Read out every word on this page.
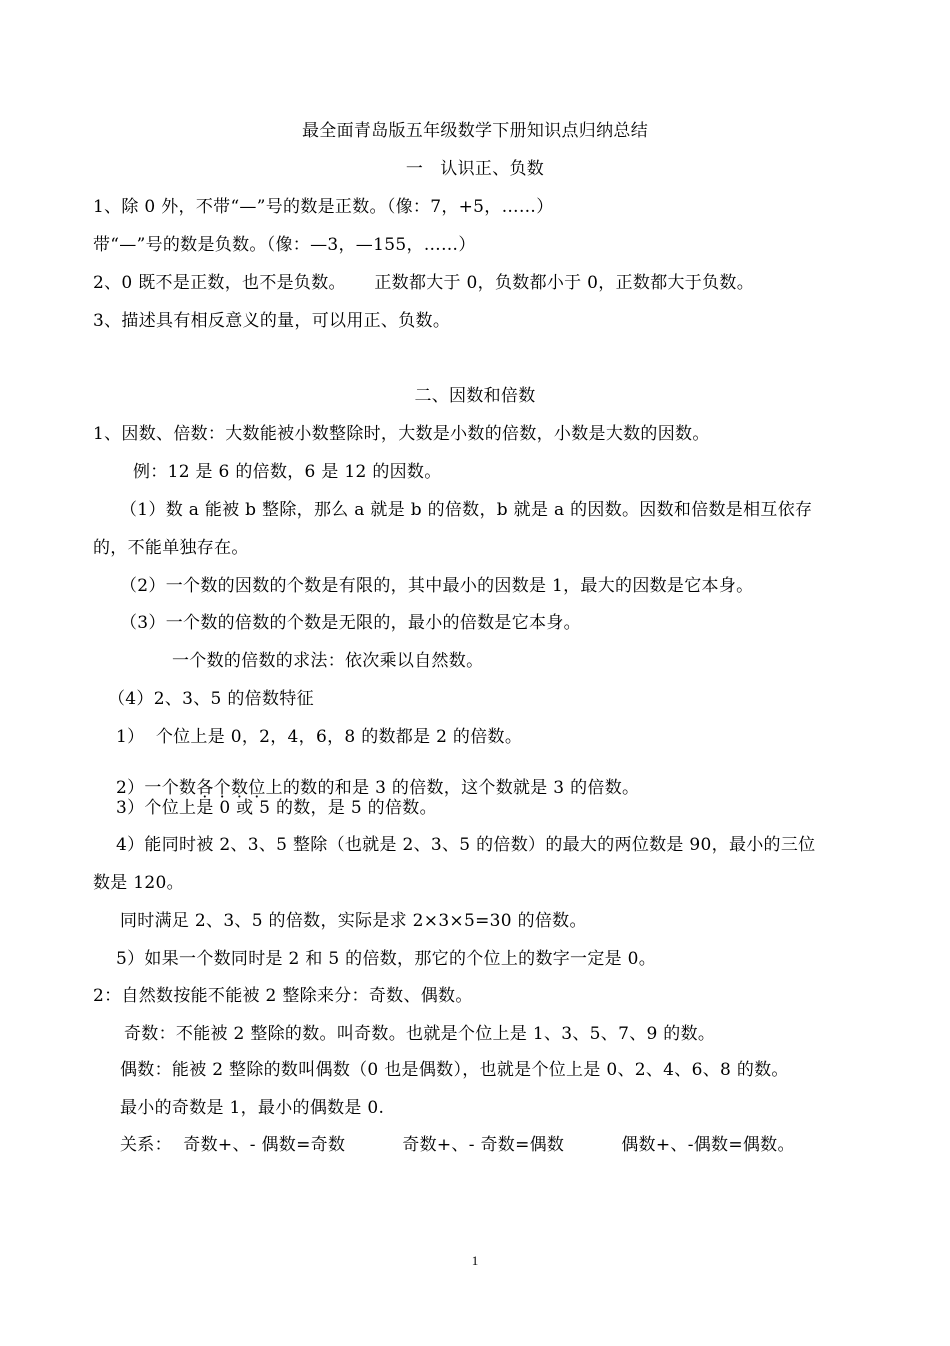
最全面青岛版五年级数学下册知识点归纳总结
一   认识正、负数
1、除 0 外，不带“—”号的数是正数。（像：7，+5，……）
带“—”号的数是负数。（像：—3，—155，……）
2、0 既不是正数，也不是负数。     正数都大于 0，负数都小于 0，正数都大于负数。
3、描述具有相反意义的量，可以用正、负数。
二、因数和倍数
1、因数、倍数：大数能被小数整除时，大数是小数的倍数，小数是大数的因数。
例：12 是 6 的倍数，6 是 12 的因数。
（1）数 a 能被 b 整除，那么 a 就是 b 的倍数，b 就是 a 的因数。因数和倍数是相互依存
的，不能单独存在。
（2）一个数的因数的个数是有限的，其中最小的因数是 1，最大的因数是它本身。
（3）一个数的倍数的个数是无限的，最小的倍数是它本身。
一个数的倍数的求法：依次乘以自然数。
（4）2、3、5 的倍数特征
1）  个位上是 0，2，4，6，8 的数都是 2 的倍数。

2）一个数各个数位上的数的和是 3 的倍数，这个数就是 3 的倍数。

3）个位上是 0 或 5 的数，是 5 的倍数。
4）能同时被 2、3、5 整除（也就是 2、3、5 的倍数）的最大的两位数是 90，最小的三位
数是 120。
同时满足 2、3、5 的倍数，实际是求 2×3×5=30 的倍数。
5）如果一个数同时是 2 和 5 的倍数，那它的个位上的数字一定是 0。
2：自然数按能不能被 2 整除来分：奇数、偶数。
奇数：不能被 2 整除的数。叫奇数。也就是个位上是 1、3、5、7、9 的数。
偶数：能被 2 整除的数叫偶数（0 也是偶数），也就是个位上是 0、2、4、6、8 的数。
最小的奇数是 1，最小的偶数是 0.
关系：  奇数+、- 偶数=奇数          奇数+、- 奇数=偶数          偶数+、-偶数=偶数。
1
